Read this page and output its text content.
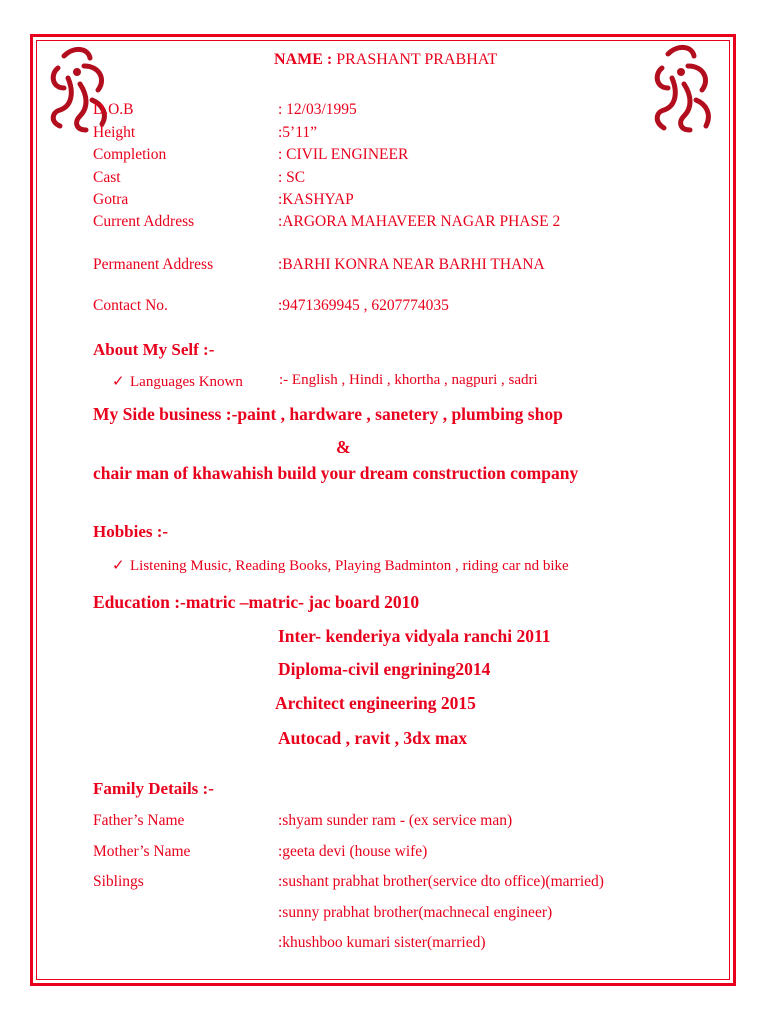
NAME : PRASHANT PRABHAT
D.O.B	: 12/03/1995
Height	:5’11”
Completion	: CIVIL ENGINEER
Cast	: SC
Gotra	:KASHYAP
Current Address	:ARGORA MAHAVEER NAGAR PHASE 2
Permanent Address	:BARHI KONRA NEAR BARHI THANA
Contact No.	:9471369945 , 6207774035
About My Self :-
✓ Languages Known :- English , Hindi , khortha , nagpuri , sadri
My Side business :-paint , hardware , sanetery , plumbing shop
&
chair man of khawahish build your dream construction company
Hobbies :-
✓ Listening Music, Reading Books, Playing Badminton , riding car nd bike
Education :-matric –matric- jac board 2010
Inter- kenderiya vidyala ranchi 2011
Diploma-civil engrining2014
Architect engineering 2015
Autocad , ravit , 3dx max
Family Details :-
Father’s Name	:shyam sunder ram - (ex service man)
Mother’s Name	:geeta devi (house wife)
Siblings	:sushant prabhat brother(service dto office)(married)
:sunny prabhat brother(machnecal engineer)
:khushboo kumari sister(married)
